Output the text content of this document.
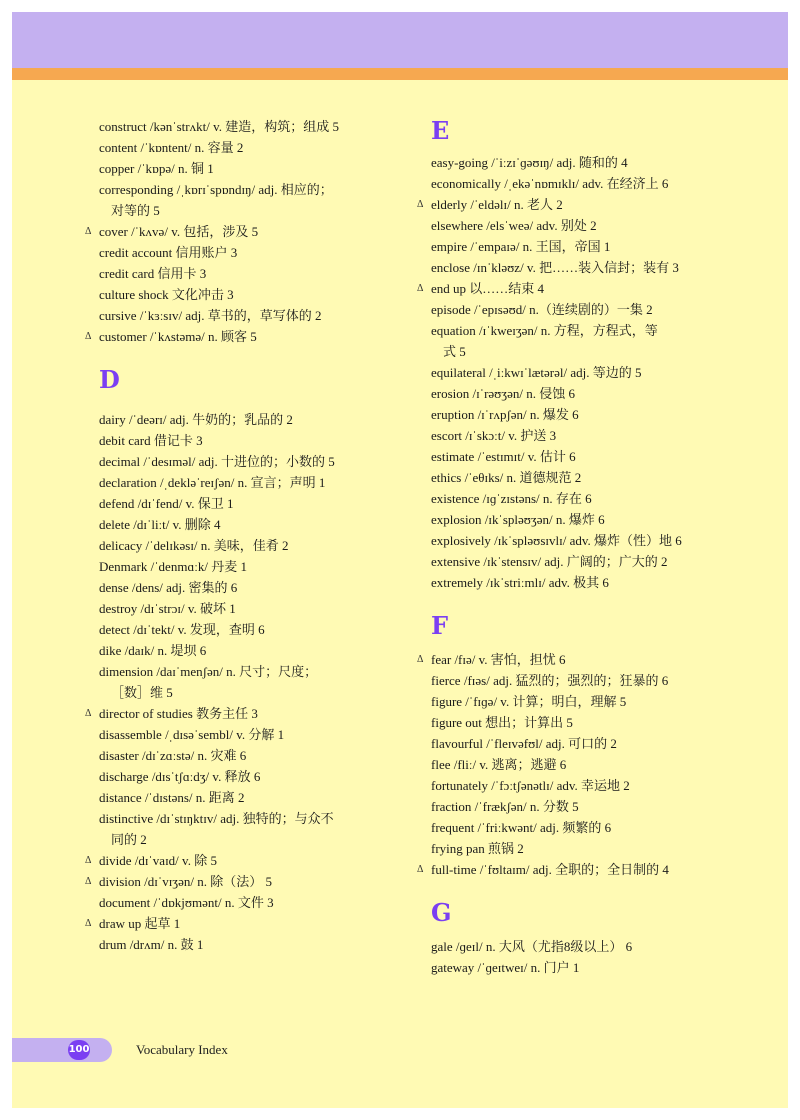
construct /kənˈstrʌkt/ v. 建造，构筑；组成 5
content /ˈkɒntent/ n. 容量 2
copper /ˈkɒpə/ n. 铜 1
corresponding /ˌkɒrɪˈspɒndɪŋ/ adj. 相应的；
对等的 5
Δ cover /ˈkʌvə/ v. 包括，涉及 5
credit account 信用账户 3
credit card 信用卡 3
culture shock 文化冲击 3
cursive /ˈkɜːsɪv/ adj. 草书的，草写体的 2
Δ customer /ˈkʌstəmə/ n. 顾客 5
D
dairy /ˈdeərɪ/ adj. 牛奶的；乳品的 2
debit card 借记卡 3
decimal /ˈdesɪməl/ adj. 十进位的；小数的 5
declaration /ˌdekləˈreɪʃən/ n. 宣言；声明 1
defend /dɪˈfend/ v. 保卫 1
delete /dɪˈliːt/ v. 删除 4
delicacy /ˈdelɪkəsɪ/ n. 美味，佳肴 2
Denmark /ˈdenmɑːk/ 丹麦 1
dense /dens/ adj. 密集的 6
destroy /dɪˈstrɔɪ/ v. 破坏 1
detect /dɪˈtekt/ v. 发现，查明 6
dike /daɪk/ n. 堤坝 6
dimension /daɪˈmenʃən/ n. 尺寸；尺度；
［数］维 5
Δ director of studies 教务主任 3
disassemble /ˌdɪsəˈsembl/ v. 分解 1
disaster /dɪˈzɑːstə/ n. 灾难 6
discharge /dɪsˈtʃɑːdʒ/ v. 释放 6
distance /ˈdɪstəns/ n. 距离 2
distinctive /dɪˈstɪŋktɪv/ adj. 独特的；与众不
同的 2
Δ divide /dɪˈvaɪd/ v. 除 5
Δ division /dɪˈvɪʒən/ n. 除（法） 5
document /ˈdɒkjʊmənt/ n. 文件 3
Δ draw up 起草 1
drum /drʌm/ n. 鼓 1
E
easy-going /ˈiːzɪˈɡəʊɪŋ/ adj. 随和的 4
economically /ˌekəˈnɒmɪklɪ/ adv. 在经济上 6
Δ elderly /ˈeldəlɪ/ n. 老人 2
elsewhere /elsˈweə/ adv. 别处 2
empire /ˈempaɪə/ n. 王国，帝国 1
enclose /ɪnˈkləʊz/ v. 把……装入信封；装有 3
Δ end up 以……结束 4
episode /ˈepɪsəʊd/ n.（连续剧的）一集 2
equation /ɪˈkweɪʒən/ n. 方程，方程式，等
式 5
equilateral /ˌiːkwɪˈlætərəl/ adj. 等边的 5
erosion /ɪˈrəʊʒən/ n. 侵蚀 6
eruption /ɪˈrʌpʃən/ n. 爆发 6
escort /ɪˈskɔːt/ v. 护送 3
estimate /ˈestɪmɪt/ v. 估计 6
ethics /ˈeθɪks/ n. 道德规范 2
existence /ɪɡˈzɪstəns/ n. 存在 6
explosion /ɪkˈspləʊʒən/ n. 爆炸 6
explosively /ɪkˈspləʊsɪvlɪ/ adv. 爆炸（性）地 6
extensive /ɪkˈstensɪv/ adj. 广阔的；广大的 2
extremely /ɪkˈstriːmlɪ/ adv. 极其 6
F
Δ fear /fɪə/ v. 害怕，担忧 6
fierce /fɪəs/ adj. 猛烈的；强烈的；狂暴的 6
figure /ˈfɪɡə/ v. 计算；明白，理解 5
figure out 想出；计算出 5
flavourful /ˈfleɪvəfʊl/ adj. 可口的 2
flee /fliː/ v. 逃离；逃避 6
fortunately /ˈfɔːtʃənətlɪ/ adv. 幸运地 2
fraction /ˈfrækʃən/ n. 分数 5
frequent /ˈfriːkwənt/ adj. 频繁的 6
frying pan 煎锅 2
Δ full-time /ˈfʊltaɪm/ adj. 全职的；全日制的 4
G
gale /ɡeɪl/ n. 大风（尤指8级以上） 6
gateway /ˈɡeɪtweɪ/ n. 门户 1
100	Vocabulary Index
